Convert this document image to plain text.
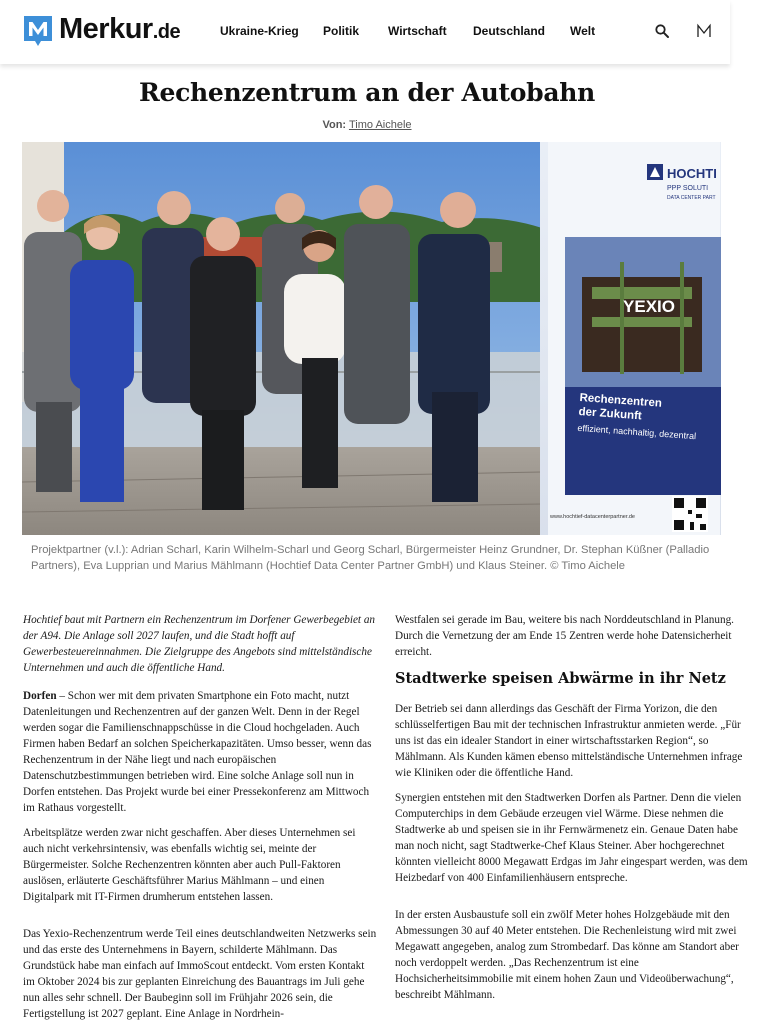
Merkur.de	Ukraine-Krieg Politik Wirtschaft Deutschland Welt
Rechenzentrum an der Autobahn
Von: Timo Aichele
YEXIO
HOCHTI
PPP SOLUTI
DATA CENTER PART
Rechenzentren
der Zukunft
effizient, nachhaltig, dezentral
www.hochtief-datacenterpartner.de
Projektpartner (v.l.): Adrian Scharl, Karin Wilhelm-Scharl und Georg Scharl, Bürgermeister Heinz Grundner, Dr. Stephan Küßner (Palladio Partners), Eva Lupprian und Marius Mählmann (Hochtief Data Center Partner GmbH) und Klaus Steiner. © Timo Aichele

Hochtief baut mit Partnern ein Rechenzentrum im Dorfener Gewerbegebiet an der A94. Die Anlage soll 2027 laufen, und die Stadt hofft auf Gewerbesteuereinnahmen. Die Zielgruppe des Angebots sind mittelständische Unternehmen und auch die öffentliche Hand.

Dorfen – Schon wer mit dem privaten Smartphone ein Foto macht, nutzt Datenleitungen und Rechenzentren auf der ganzen Welt. Denn in der Regel werden sogar die Familienschnappschüsse in die Cloud hochgeladen. Auch Firmen haben Bedarf an solchen Speicherkapazitäten. Umso besser, wenn das Rechenzentrum in der Nähe liegt und nach europäischen Datenschutzbestimmungen betrieben wird. Eine solche Anlage soll nun in Dorfen entstehen. Das Projekt wurde bei einer Pressekonferenz am Mittwoch im Rathaus vorgestellt.

Arbeitsplätze werden zwar nicht geschaffen. Aber dieses Unternehmen sei auch nicht verkehrsintensiv, was ebenfalls wichtig sei, meinte der Bürgermeister. Solche Rechenzentren könnten aber auch Pull-Faktoren auslösen, erläuterte Geschäftsführer Marius Mählmann – und einen Digitalpark mit IT-Firmen drumherum entstehen lassen.

Das Yexio-Rechenzentrum werde Teil eines deutschlandweiten Netzwerks sein und das erste des Unternehmens in Bayern, schilderte Mählmann. Das Grundstück habe man einfach auf ImmoScout entdeckt. Vom ersten Kontakt im Oktober 2024 bis zur geplanten Einreichung des Bauantrags im Juli gehe nun alles sehr schnell. Der Baubeginn soll im Frühjahr 2026 sein, die Fertigstellung ist 2027 geplant. Eine Anlage in Nordrhein-

Westfalen sei gerade im Bau, weitere bis nach Norddeutschland in Planung. Durch die Vernetzung der am Ende 15 Zentren werde hohe Datensicherheit erreicht.

Stadtwerke speisen Abwärme in ihr Netz

Der Betrieb sei dann allerdings das Geschäft der Firma Yorizon, die den schlüsselfertigen Bau mit der technischen Infrastruktur anmieten werde. „Für uns ist das ein idealer Standort in einer wirtschaftsstarken Region“, so Mählmann. Als Kunden kämen ebenso mittelständische Unternehmen infrage wie Kliniken oder die öffentliche Hand.

Synergien entstehen mit den Stadtwerken Dorfen als Partner. Denn die vielen Computerchips in dem Gebäude erzeugen viel Wärme. Diese nehmen die Stadtwerke ab und speisen sie in ihr Fernwärmenetz ein. Genaue Daten habe man noch nicht, sagt Stadtwerke-Chef Klaus Steiner. Aber hochgerechnet könnten vielleicht 8000 Megawatt Erdgas im Jahr eingespart werden, was dem Heizbedarf von 400 Einfamilienhäusern entspreche.

In der ersten Ausbaustufe soll ein zwölf Meter hohes Holzgebäude mit den Abmessungen 30 auf 40 Meter entstehen. Die Rechenleistung wird mit zwei Megawatt angegeben, analog zum Strombedarf. Das könne am Standort aber noch verdoppelt werden. „Das Rechenzentrum ist eine Hochsicherheitsimmobilie mit einem hohen Zaun und Videoüberwachung“, beschreibt Mählmann.
